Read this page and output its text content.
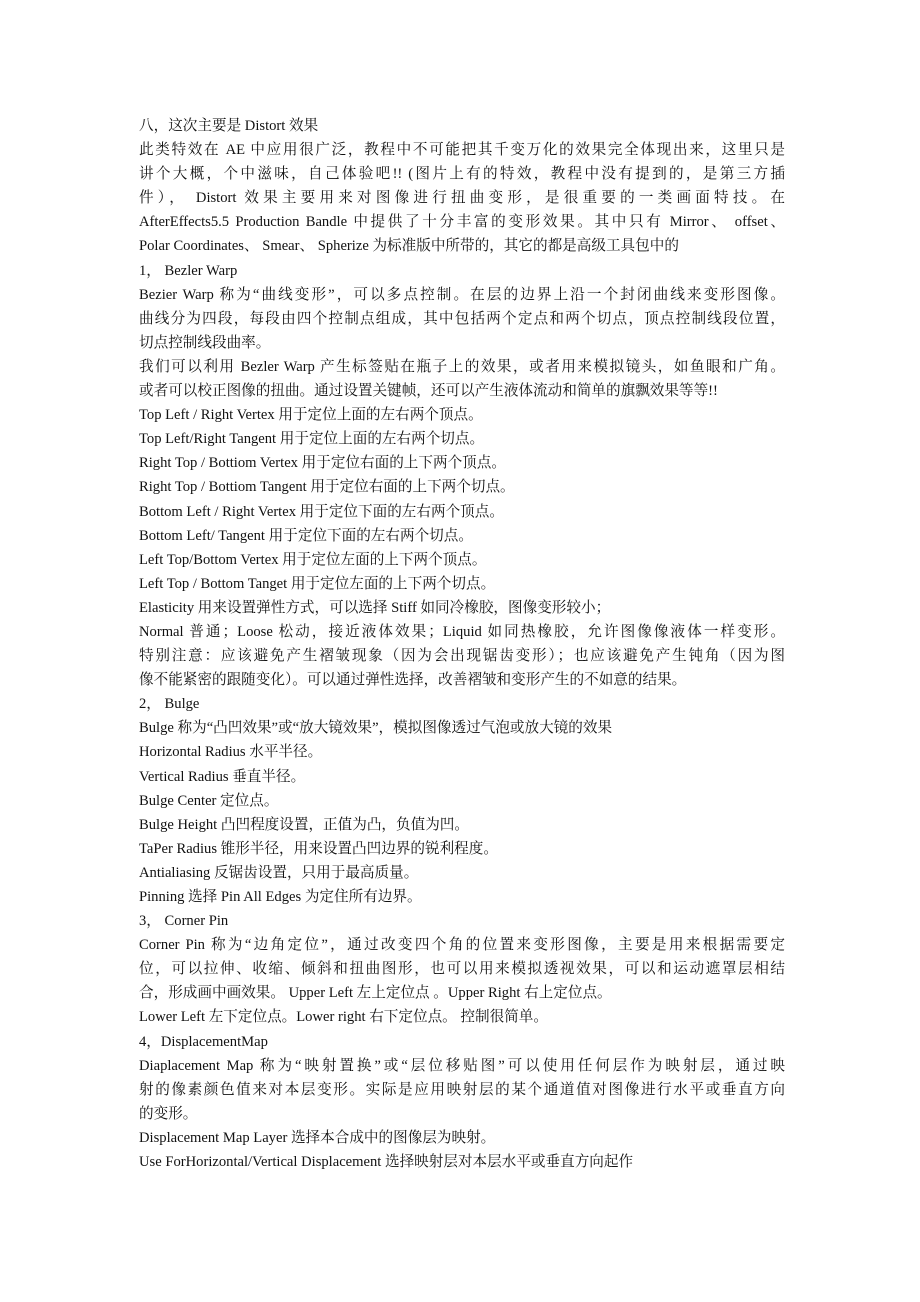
八，这次主要是 Distort 效果
此类特效在 AE 中应用很广泛，教程中不可能把其千变万化的效果完全体现出来，这里只是
讲个大概，个中滋味，自己体验吧!! (图片上有的特效，教程中没有提到的，是第三方插
件）， Distort 效果主要用来对图像进行扭曲变形，是很重要的一类画面特技。在
AfterEffects5.5 Production Bandle 中提供了十分丰富的变形效果。其中只有 Mirror、 offset、
Polar Coordinates、 Smear、 Spherize 为标准版中所带的，其它的都是高级工具包中的
1， Bezler Warp
Bezier Warp 称为“曲线变形”，可以多点控制。在层的边界上沿一个封闭曲线来变形图像。
曲线分为四段，每段由四个控制点组成，其中包括两个定点和两个切点，顶点控制线段位置，
切点控制线段曲率。
我们可以利用 Bezler Warp 产生标签贴在瓶子上的效果，或者用来模拟镜头，如鱼眼和广角。
或者可以校正图像的扭曲。通过设置关键帧，还可以产生液体流动和简单的旗飘效果等等!!
Top Left / Right Vertex 用于定位上面的左右两个顶点。
Top Left/Right Tangent 用于定位上面的左右两个切点。
Right Top / Bottiom Vertex 用于定位右面的上下两个顶点。
Right Top / Bottiom Tangent 用于定位右面的上下两个切点。
Bottom Left / Right Vertex 用于定位下面的左右两个顶点。
Bottom Left/ Tangent 用于定位下面的左右两个切点。
Left Top/Bottom Vertex 用于定位左面的上下两个顶点。
Left Top / Bottom Tanget 用于定位左面的上下两个切点。
Elasticity 用来设置弹性方式，可以选择 Stiff 如同冷橡胶，图像变形较小；
Normal 普通；Loose 松动，接近液体效果；Liquid 如同热橡胶，允许图像像液体一样变形。
特别注意：应该避免产生褶皱现象（因为会出现锯齿变形）；也应该避免产生钝角（因为图
像不能紧密的跟随变化）。可以通过弹性选择，改善褶皱和变形产生的不如意的结果。
2， Bulge
Bulge 称为“凸凹效果”或“放大镜效果”，模拟图像透过气泡或放大镜的效果
Horizontal Radius 水平半径。
Vertical Radius 垂直半径。
Bulge Center 定位点。
Bulge Height 凸凹程度设置，正值为凸，负值为凹。
TaPer Radius 锥形半径，用来设置凸凹边界的锐利程度。
Antialiasing 反锯齿设置，只用于最高质量。
Pinning 选择 Pin All Edges 为定住所有边界。
3， Corner Pin
Corner Pin 称为“边角定位”，通过改变四个角的位置来变形图像，主要是用来根据需要定
位，可以拉伸、收缩、倾斜和扭曲图形，也可以用来模拟透视效果，可以和运动遮罩层相结
合，形成画中画效果。 Upper Left 左上定位点 。Upper Right 右上定位点。
Lower Left 左下定位点。Lower right 右下定位点。 控制很简单。
4，DisplacementMap
Diaplacement Map 称为“映射置换”或“层位移贴图”可以使用任何层作为映射层，通过映
射的像素颜色值来对本层变形。实际是应用映射层的某个通道值对图像进行水平或垂直方向
的变形。
Displacement Map Layer 选择本合成中的图像层为映射。
Use ForHorizontal/Vertical Displacement 选择映射层对本层水平或垂直方向起作
